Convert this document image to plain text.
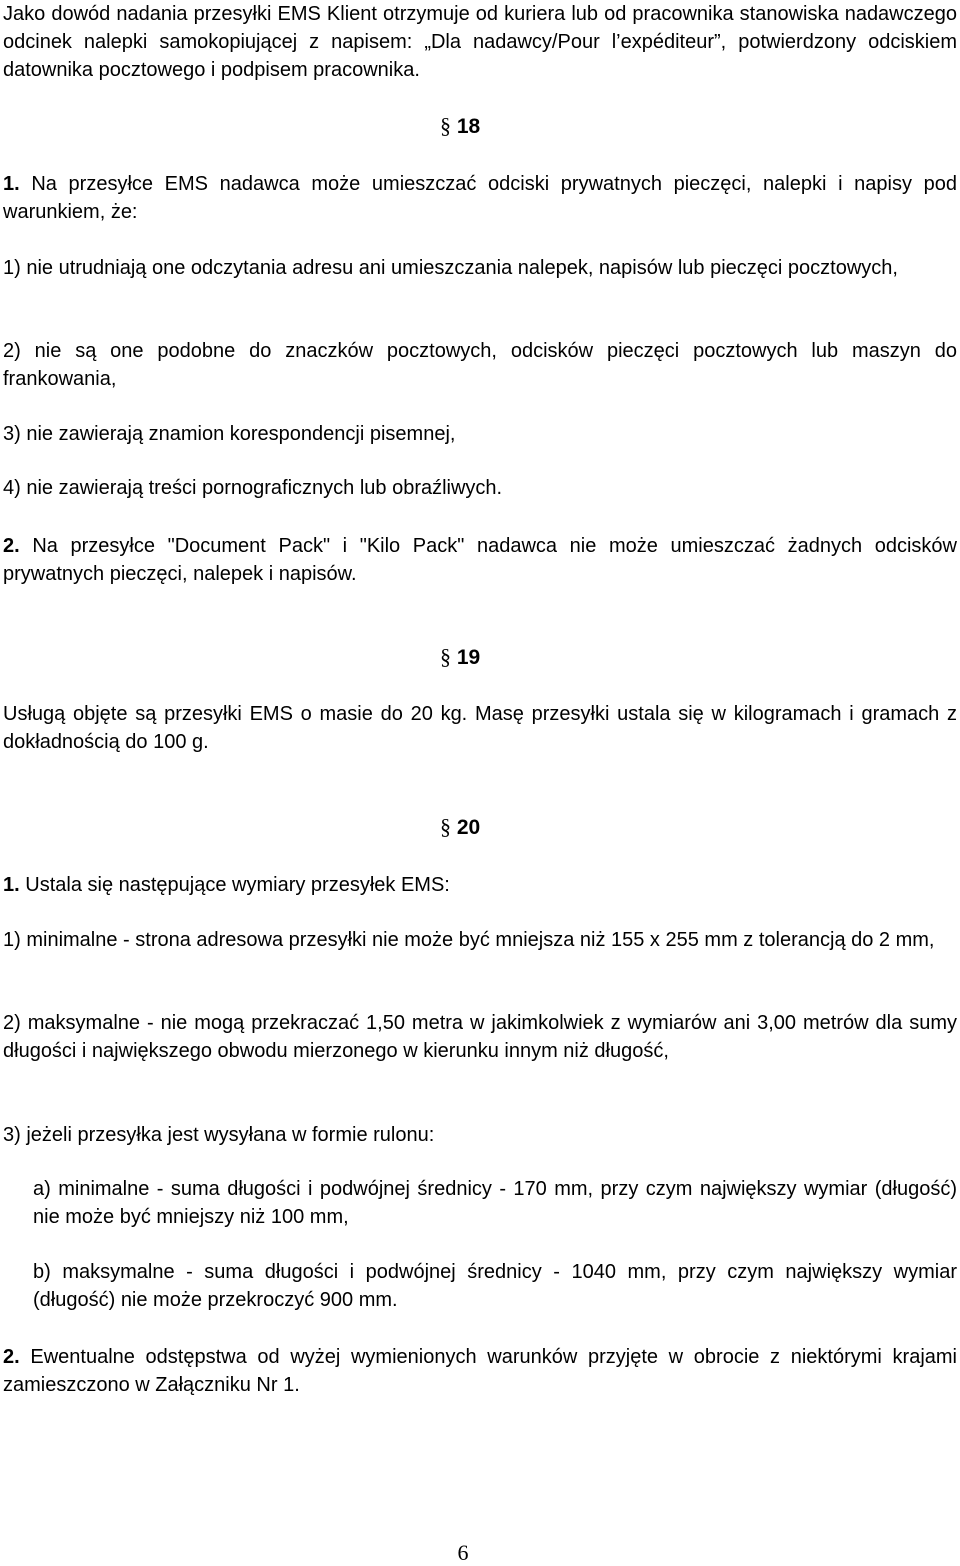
Jako dowód nadania przesyłki EMS Klient otrzymuje od kuriera lub od pracownika stanowiska nadawczego odcinek nalepki samokopiującej z napisem: „Dla nadawcy/Pour l’expéditeur”, potwierdzony odciskiem datownika pocztowego i podpisem pracownika.

§ 18

1. Na przesyłce EMS nadawca może umieszczać odciski prywatnych pieczęci, nalepki i napisy pod warunkiem, że:

1) nie utrudniają one odczytania adresu ani umieszczania nalepek, napisów lub pieczęci pocztowych,

2) nie są one podobne do znaczków pocztowych, odcisków pieczęci pocztowych lub maszyn do frankowania,

3) nie zawierają znamion korespondencji pisemnej,

4) nie zawierają treści pornograficznych lub obraźliwych.

2. Na przesyłce "Document Pack" i "Kilo Pack" nadawca nie może umieszczać żadnych odcisków prywatnych pieczęci, nalepek i napisów.

§ 19

Usługą objęte są przesyłki EMS o masie do 20 kg. Masę przesyłki ustala się w kilogramach i gramach z dokładnością do 100 g.

§ 20

1. Ustala się następujące wymiary przesyłek EMS:

1) minimalne - strona adresowa przesyłki nie może być mniejsza niż 155 x 255 mm z tolerancją do 2 mm,

2) maksymalne - nie mogą przekraczać 1,50 metra w jakimkolwiek z wymiarów ani 3,00 metrów dla sumy długości i największego obwodu mierzonego w kierunku innym niż długość,

3) jeżeli przesyłka jest wysyłana w formie rulonu:

a) minimalne - suma długości i podwójnej średnicy - 170 mm, przy czym największy wymiar (długość) nie może być mniejszy niż 100 mm,

b) maksymalne - suma długości i podwójnej średnicy - 1040 mm, przy czym największy wymiar (długość) nie może przekroczyć 900 mm.

2. Ewentualne odstępstwa od wyżej wymienionych warunków przyjęte w obrocie z niektórymi krajami zamieszczono w Załączniku Nr 1.

6
